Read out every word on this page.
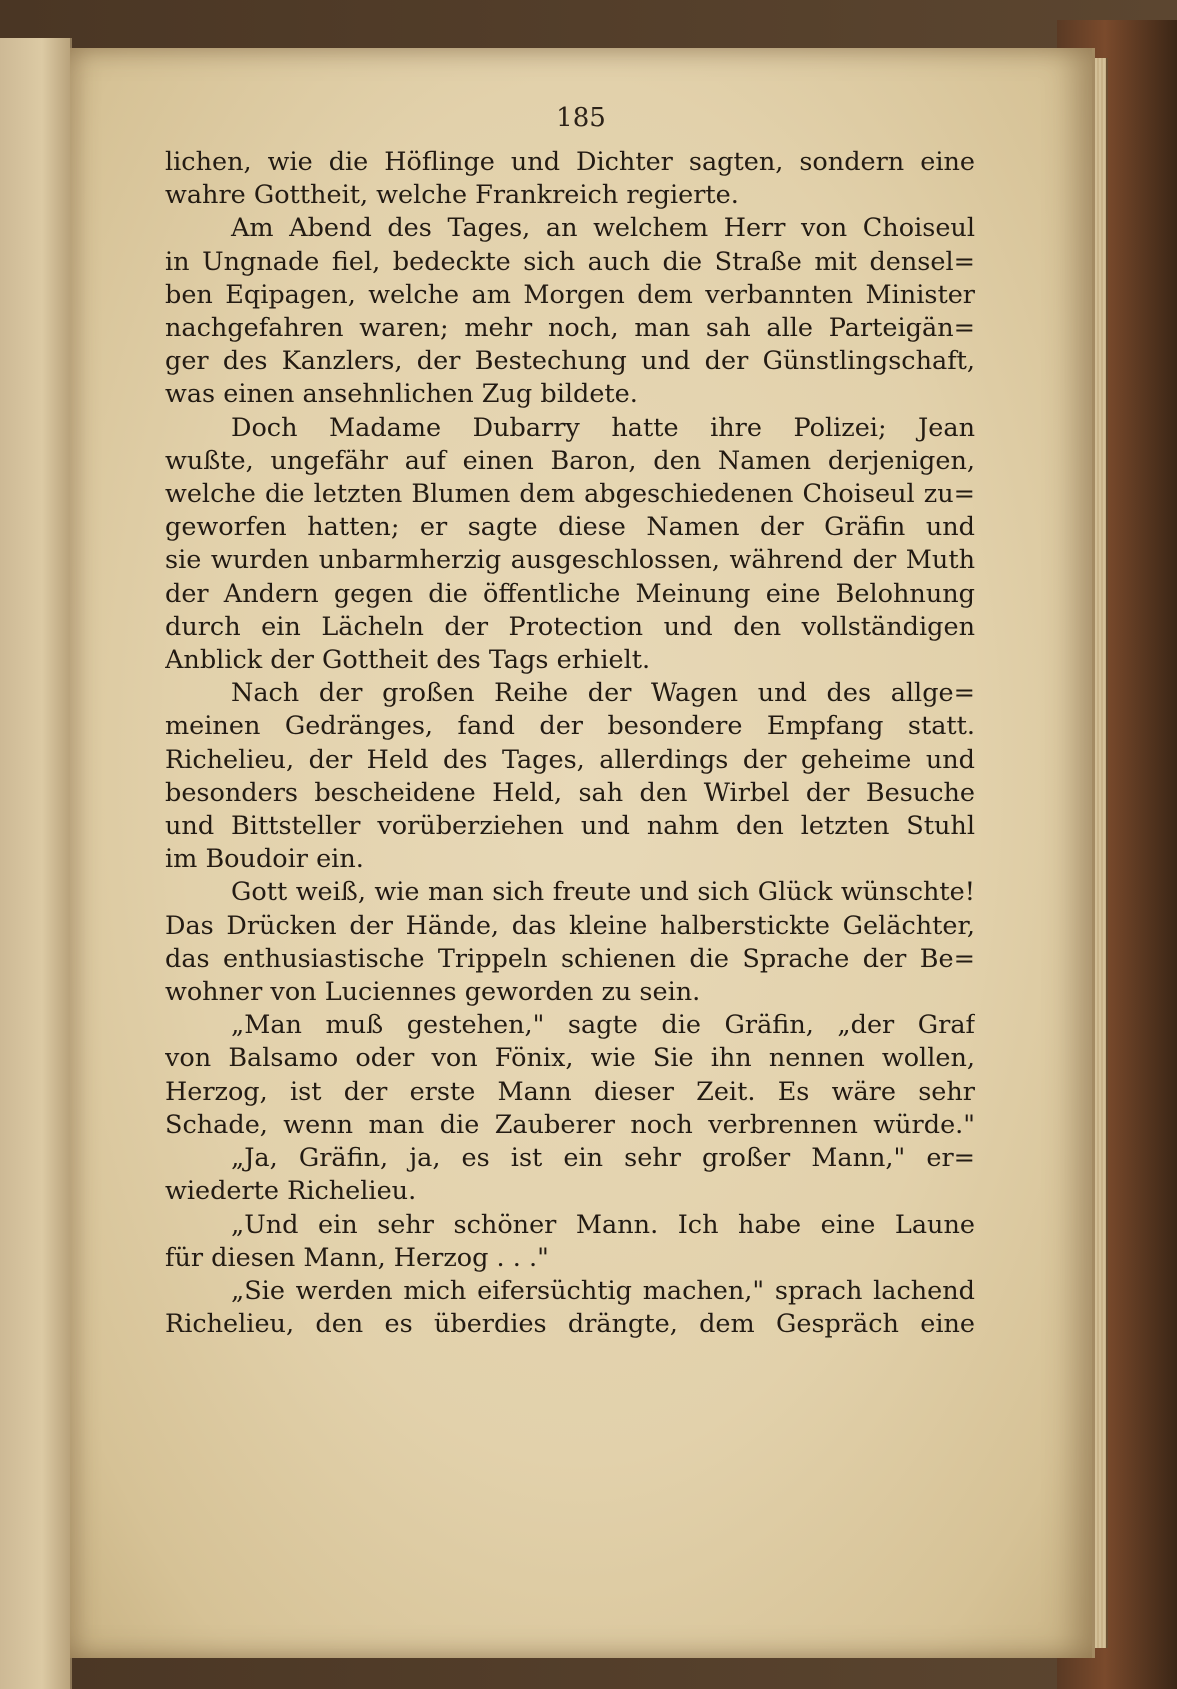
185
lichen, wie die Höflinge und Dichter sagten, sondern eine
wahre Gottheit, welche Frankreich regierte.
Am Abend des Tages, an welchem Herr von Choiseul
in Ungnade fiel, bedeckte sich auch die Straße mit densel=
ben Eqipagen, welche am Morgen dem verbannten Minister
nachgefahren waren; mehr noch, man sah alle Parteigän=
ger des Kanzlers, der Bestechung und der Günstlingschaft,
was einen ansehnlichen Zug bildete.
Doch Madame Dubarry hatte ihre Polizei; Jean
wußte, ungefähr auf einen Baron, den Namen derjenigen,
welche die letzten Blumen dem abgeschiedenen Choiseul zu=
geworfen hatten; er sagte diese Namen der Gräfin und
sie wurden unbarmherzig ausgeschlossen, während der Muth
der Andern gegen die öffentliche Meinung eine Belohnung
durch ein Lächeln der Protection und den vollständigen
Anblick der Gottheit des Tags erhielt.
Nach der großen Reihe der Wagen und des allge=
meinen Gedränges, fand der besondere Empfang statt.
Richelieu, der Held des Tages, allerdings der geheime und
besonders bescheidene Held, sah den Wirbel der Besuche
und Bittsteller vorüberziehen und nahm den letzten Stuhl
im Boudoir ein.
Gott weiß, wie man sich freute und sich Glück wünschte!
Das Drücken der Hände, das kleine halberstickte Gelächter,
das enthusiastische Trippeln schienen die Sprache der Be=
wohner von Luciennes geworden zu sein.
„Man muß gestehen," sagte die Gräfin, „der Graf
von Balsamo oder von Fönix, wie Sie ihn nennen wollen,
Herzog, ist der erste Mann dieser Zeit. Es wäre sehr
Schade, wenn man die Zauberer noch verbrennen würde."
„Ja, Gräfin, ja, es ist ein sehr großer Mann," er=
wiederte Richelieu.
„Und ein sehr schöner Mann. Ich habe eine Laune
für diesen Mann, Herzog . . ."
„Sie werden mich eifersüchtig machen," sprach lachend
Richelieu, den es überdies drängte, dem Gespräch eine
